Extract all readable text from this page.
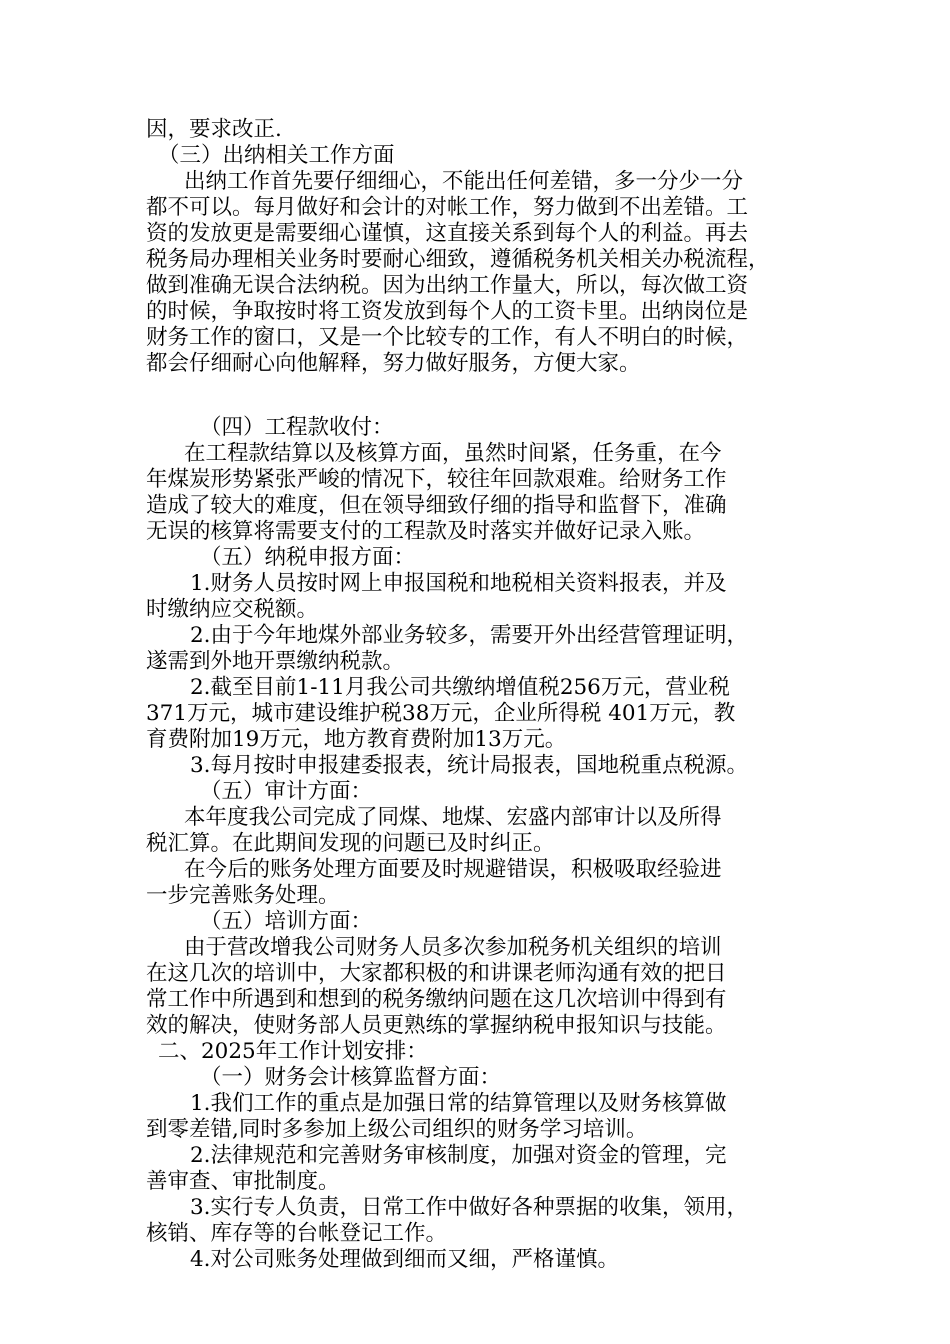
因，要求改正.

（三）出纳相关工作方面

出纳工作首先要仔细细心，不能出任何差错，多一分少一分

都不可以。每月做好和会计的对帐工作，努力做到不出差错。工

资的发放更是需要细心谨慎，这直接关系到每个人的利益。再去

税务局办理相关业务时要耐心细致，遵循税务机关相关办税流程，

做到准确无误合法纳税。因为出纳工作量大，所以，每次做工资

的时候，争取按时将工资发放到每个人的工资卡里。出纳岗位是

财务工作的窗口，又是一个比较专的工作，有人不明白的时候，

都会仔细耐心向他解释，努力做好服务，方便大家。

（四）工程款收付：

在工程款结算以及核算方面，虽然时间紧，任务重，在今

年煤炭形势紧张严峻的情况下，较往年回款艰难。给财务工作

造成了较大的难度，但在领导细致仔细的指导和监督下，准确

无误的核算将需要支付的工程款及时落实并做好记录入账。

（五）纳税申报方面：

1.财务人员按时网上申报国税和地税相关资料报表，并及

时缴纳应交税额。

2.由于今年地煤外部业务较多，需要开外出经营管理证明，

遂需到外地开票缴纳税款。

2.截至目前1-11月我公司共缴纳增值税256万元，营业税

371万元，城市建设维护税38万元，企业所得税 401万元，教

育费附加19万元，地方教育费附加13万元。

3.每月按时申报建委报表，统计局报表，国地税重点税源。

（五）审计方面：

本年度我公司完成了同煤、地煤、宏盛内部审计以及所得

税汇算。在此期间发现的问题已及时纠正。

在今后的账务处理方面要及时规避错误，积极吸取经验进

一步完善账务处理。

（五）培训方面：

由于营改增我公司财务人员多次参加税务机关组织的培训

在这几次的培训中，大家都积极的和讲课老师沟通有效的把日

常工作中所遇到和想到的税务缴纳问题在这几次培训中得到有

效的解决，使财务部人员更熟练的掌握纳税申报知识与技能。

二、2025年工作计划安排：

（一）财务会计核算监督方面：

1.我们工作的重点是加强日常的结算管理以及财务核算做

到零差错,同时多参加上级公司组织的财务学习培训。

2.法律规范和完善财务审核制度，加强对资金的管理，完

善审查、审批制度。

3.实行专人负责，日常工作中做好各种票据的收集，领用，

核销、库存等的台帐登记工作。

4.对公司账务处理做到细而又细，严格谨慎。
